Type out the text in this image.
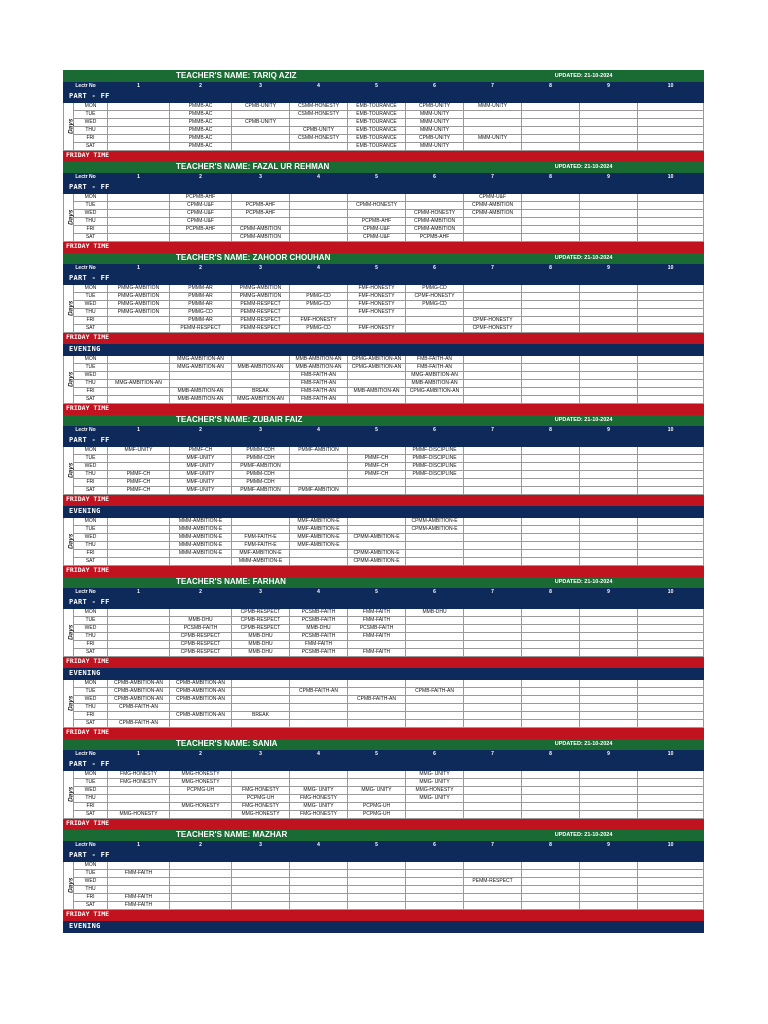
TEACHER'S NAME: TARIQ AZIZ								UPDATED: 21-10-2024			
Lectr No		1	2	3	4	5	6	7	8	9	10
PART - FF											
Days	MON		PMMB-AC	CPMB-UNITY	CSMM-HONESTY	EMB-TOURANCE	CPMB-UNITY	MMM-UNITY			
	TUE		PMMB-AC		CSMM-HONESTY	EMB-TOURANCE	MMM-UNITY				
	WED		PMMB-AC	CPMB-UNITY		EMB-TOURANCE	MMM-UNITY				
	THU		PMMB-AC		CPMB-UNITY	EMB-TOURANCE	MMM-UNITY				
	FRI		PMMB-AC		CSMM-HONESTY	EMB-TOURANCE	CPMB-UNITY	MMM-UNITY			
	SAT		PMMB-AC			EMB-TOURANCE	MMM-UNITY				
FRIDAY TIME											
TEACHER'S NAME: FAZAL UR REHMAN								UPDATED: 21-10-2024			
Lectr No		1	2	3	4	5	6	7	8	9	10
PART - FF											
Days	MON		PCPMB-AHF					CPMM-U&F			
	TUE		CPMM-U&F	PCPMB-AHF		CPMM-HONESTY		CPMM-AMBITION			
	WED		CPMM-U&F	PCPMB-AHF			CPMM-HONESTY	CPMM-AMBITION			
	THU		CPMM-U&F			PCPMB-AHF	CPMM-AMBITION				
	FRI		PCPMB-AHF	CPMM-AMBITION		CPMM-U&F	CPMM-AMBITION				
	SAT			CPMM-AMBITION		CPMM-U&F	PCPMB-AHF				
FRIDAY TIME											
TEACHER'S NAME: ZAHOOR CHOUHAN								UPDATED: 21-10-2024			
Lectr No		1	2	3	4	5	6	7	8	9	10
PART - FF											
Days	MON	PMMG-AMBITION	PMMM-AR	PMMG-AMBITION		FMF-HONESTY	PMMG-CD				
	TUE	PMMG-AMBITION	PMMM-AR	PMMG-AMBITION	PMMG-CD	FMF-HONESTY	CPMF-HONESTY				
	WED	PMMG-AMBITION	PMMM-AR	PEMM-RESPECT	PMMG-CD	FMF-HONESTY	PMMG-CD				
	THU	PMMG-AMBITION	PMMG-CD	PEMM-RESPECT		FMF-HONESTY					
	FRI		PMMM-AR	PEMM-RESPECT	FMF-HONESTY			CPMF-HONESTY			
	SAT		PEMM-RESPECT	PEMM-RESPECT	PMMG-CD	FMF-HONESTY		CPMF-HONESTY			
FRIDAY TIME											
EVENING											
Days	MON		MMG-AMBITION-AN		MMB-AMBITION-AN	CPMG-AMBITION-AN	FMB-FAITH-AN				
	TUE		MMG-AMBITION-AN	MMB-AMBITION-AN	MMB-AMBITION-AN	CPMG-AMBITION-AN	FMB-FAITH-AN				
	WED				FMB-FAITH-AN		MMG-AMBITION-AN				
	THU	MMG-AMBITION-AN			FMB-FAITH-AN		MMB-AMBITION-AN				
	FRI		MMB-AMBITION-AN	BREAK	FMB-FAITH-AN	MMB-AMBITION-AN	CPMG-AMBITION-AN				
	SAT		MMB-AMBITION-AN	MMG-AMBITION-AN	FMB-FAITH-AN						
FRIDAY TIME											
TEACHER'S NAME: ZUBAIR FAIZ								UPDATED: 21-10-2024			
Lectr No		1	2	3	4	5	6	7	8	9	10
PART - FF											
Days	MON	MMF-UNITY	PMMF-CH	PMMM-CDH	PMMF-AMBITION		PMMF-DISCIPLINE				
	TUE		MMF-UNITY	PMMM-CDH		PMMF-CH	PMMF-DISCIPLINE				
	WED		MMF-UNITY	PMMF-AMBITION		PMMF-CH	PMMF-DISCIPLINE				
	THU	PMMF-CH	MMF-UNITY	PMMM-CDH		PMMF-CH	PMMF-DISCIPLINE				
	FRI	PMMF-CH	MMF-UNITY	PMMM-CDH							
	SAT	PMMF-CH	MMF-UNITY	PMMF-AMBITION	PMMF-AMBITION						
FRIDAY TIME											
EVENING											
Days	MON		MMM-AMBITION-E		MMF-AMBITION-E		CPMM-AMBITION-E				
	TUE		MMM-AMBITION-E		MMF-AMBITION-E		CPMM-AMBITION-E				
	WED		MMM-AMBITION-E	FMM-FAITH-E	MMF-AMBITION-E	CPMM-AMBITION-E					
	THU		MMM-AMBITION-E	FMM-FAITH-E	MMF-AMBITION-E						
	FRI		MMM-AMBITION-E	MMF-AMBITION-E		CPMM-AMBITION-E					
	SAT			MMM-AMBITION-E		CPMM-AMBITION-E					
FRIDAY TIME											
TEACHER'S NAME: FARHAN								UPDATED: 21-10-2024			
Lectr No		1	2	3	4	5	6	7	8	9	10
PART - FF											
Days	MON			CPMB-RESPECT	PCSMB-FAITH	FMM-FAITH	MMB-DHU				
	TUE		MMB-DHU	CPMB-RESPECT	PCSMB-FAITH	FMM-FAITH					
	WED		PCSMB-FAITH	CPMB-RESPECT	MMB-DHU	PCSMB-FAITH					
	THU		CPMB-RESPECT	MMB-DHU	PCSMB-FAITH	FMM-FAITH					
	FRI		CPMB-RESPECT	MMB-DHU	FMM-FAITH						
	SAT		CPMB-RESPECT	MMB-DHU	PCSMB-FAITH	FMM-FAITH					
FRIDAY TIME											
EVENING											
Days	MON	CPMB-AMBITION-AN	CPMB-AMBITION-AN								
	TUE	CPMB-AMBITION-AN	CPMB-AMBITION-AN		CPMB-FAITH-AN		CPMB-FAITH-AN				
	WED	CPMB-AMBITION-AN	CPMB-AMBITION-AN			CPMB-FAITH-AN					
	THU	CPMB-FAITH-AN									
	FRI		CPMB-AMBITION-AN	BREAK							
	SAT	CPMB-FAITH-AN									
FRIDAY TIME											
TEACHER'S NAME: SANIA								UPDATED: 21-10-2024			
Lectr No		1	2	3	4	5	6	7	8	9	10
PART - FF											
Days	MON	FMG-HONESTY	MMG-HONESTY				MMG- UNITY				
	TUE	FMG-HONESTY	MMG-HONESTY				MMG- UNITY				
	WED		PCPMG-UH	FMG-HONESTY	MMG- UNITY	MMG- UNITY	MMG-HONESTY				
	THU			PCPMG-UH	FMG-HONESTY		MMG- UNITY				
	FRI		MMG-HONESTY	FMG-HONESTY	MMG- UNITY	PCPMG-UH					
	SAT	MMG-HONESTY		MMG-HONESTY	FMG-HONESTY	PCPMG-UH					
FRIDAY TIME											
TEACHER'S NAME: MAZHAR								UPDATED: 21-10-2024			
Lectr No		1	2	3	4	5	6	7	8	9	10
PART - FF											
Days	MON										
	TUE	FMM-FAITH									
	WED							PEMM-RESPECT			
	THU										
	FRI	FMM-FAITH									
	SAT	FMM-FAITH									
FRIDAY TIME											
EVENING											
